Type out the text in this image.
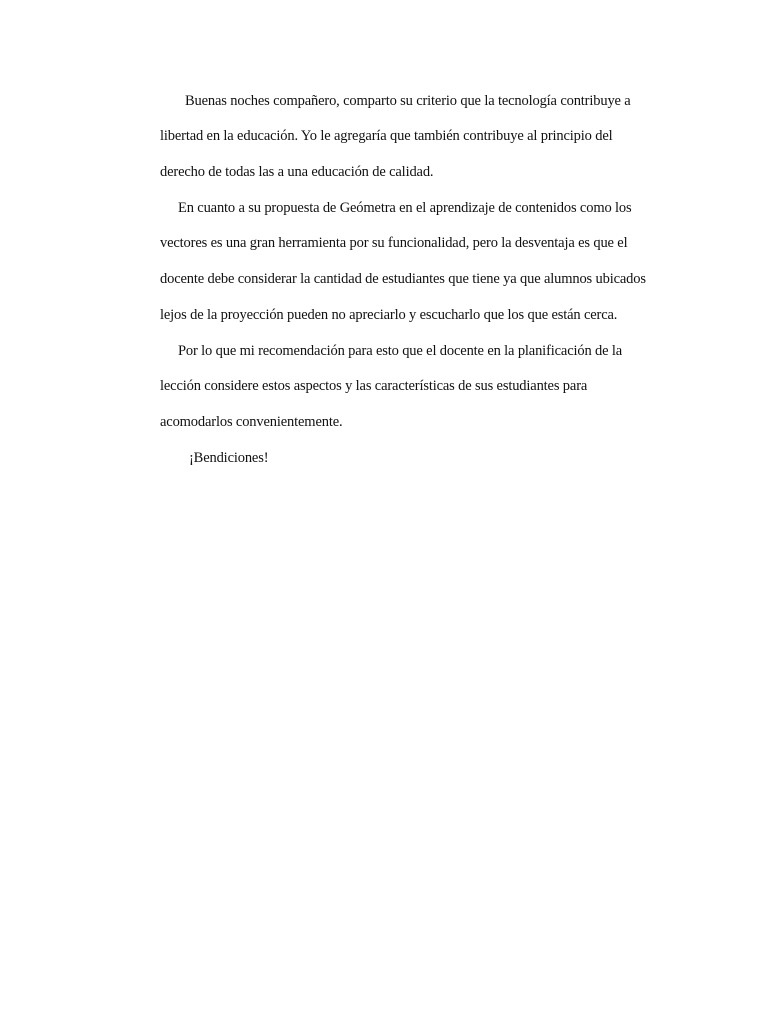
Buenas noches compañero, comparto su criterio que la tecnología contribuye a
libertad en la educación. Yo le agregaría que también contribuye al principio del
derecho de todas las a una educación de calidad.
En cuanto a su propuesta de Geómetra en el aprendizaje de contenidos como los
vectores es una gran herramienta por su funcionalidad, pero la desventaja es que el
docente debe considerar la cantidad de estudiantes que tiene ya que alumnos ubicados
lejos de la proyección pueden no apreciarlo y escucharlo que los que están cerca.
Por lo que mi recomendación para esto que el docente en la planificación de la
lección considere estos aspectos y las características de sus estudiantes para
acomodarlos convenientemente.
¡Bendiciones!
